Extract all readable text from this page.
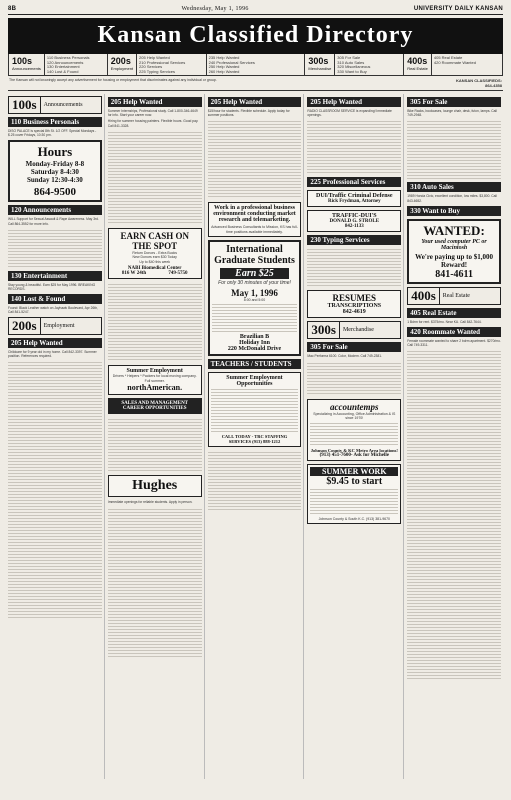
8B	Wednesday, May 1, 1996	UNIVERSITY DAILY KANSAN
Kansan Classified Directory
100s
Announcements
110 Business Personals
120 Announcements
130 Entertainment
140 Lost & Found
200s
Employment
205 Help Wanted
210 Professional Services
220 Services
225 Typing Services
235 Help Wanted
240 Professional Services
250 Help Wanted
260 Help Wanted
300s
Merchandise
305 For Sale
310 Auto Sales
320 Miscellaneous
330 Want to Buy
400s
Real Estate
405 Real Estate
420 Roommate Wanted
The Kansan will not knowingly accept any advertisement for housing or employment that discriminates against any individual or group.	KANSAN CLASSIFIEDS:
864-4358
100s	Announcements
110 Business Personals
DISO PALACE is special 8th St. 1/2 OFF. Special Mondays - $.25 cover Fridays, 10:30 pm.
Hours
Monday-Friday 8-8
Saturday 8-4:30
Sunday 12:30-4:30
864-9500
120 Announcements
WILL Support for Sexual Assault & Rape Awareness. May 3rd. Call 864-3552 for more info.
130 Entertainment
Stay young & beautiful. Earn $25 for May 1996. BREAKING RECORDS.
140 Lost & Found
Found: Black Leather watch on Jayhawk Boulevard, Apr 26th, Call 841-5247.
200s	Employment
205 Help Wanted
Childcare for 9 year old in my home. Call 842-3397. Summer position. References required.
205 Help Wanted
Summer Internships, Professional study. Call 1-800-346-4649 for info. Start your career now.
Hiring for summer housing painters. Flexible hours. Good pay. Call 841-3328.
EARN CASH ON THE SPOT
Return Donors - Extra Bucks
New Donors earn $30 Today
Up to $40 this week
NABI Biomedical Center
816 W 24th	749-5750
Summer Employment
Drivers * Helpers * Packers for local moving company. Full summer.
northAmerican.
SALES AND MANAGEMENT CAREER OPPORTUNITIES
Hughes
Immediate openings for reliable students. Apply in person.
205 Help Wanted
$15/hour for students. Flexible schedule. Apply today for summer positions.
Work in a professional business environment conducting market research and telemarketing.
Advanced Business Consultants to Mission, KS has full-time positions available immediately.
International Graduate Students
Earn $25
For only 30 minutes of your time!
May 1, 1996
8:00 and 5:00
Brazilian B
Holiday Inn
220 McDonald Drive
TEACHERS / STUDENTS
Summer Employment Opportunities
CALL TODAY - TRC STAFFING SERVICES (913) 888-1212
205 Help Wanted
RADIO CLASSROOM SERVICE is expanding! Immediate openings.
225 Professional Services
DUI/Traffic Criminal Defense
Rick Frydman, Attorney
TRAFFIC-DUI'S
DONALD G. STROLE
842-1133
230 Typing Services
RESUMES
TRANSCRIPTIONS
842-4619
300s	Merchandise
305 For Sale
Mac Performa 6100. Color, Modem. Call 749-2381.
accountemps
Specializing in Accounting, Office Administration & IS since 1970!
Johnson County & KC Metro Area locations!
(913) 451-7600- Ask for Michelle
SUMMER WORK
$9.45 to start
Johnson County & South K.C. (913) 381-9670
305 For Sale
Bike Racks, bookcases, lounge chair, desk, futon, lamps. Call 749-2948.
310 Auto Sales
1989 Honda Civic, excellent condition, low miles. $3,800. Call 843-6652.
330 Want to Buy
WANTED:
Your used computer PC or Macintosh
We're paying up to $1,000 Reward!
841-4611
400s	Real Estate
405 Real Estate
1 Bdrm for rent. $375/mo. Near KU. Call 842-7644.
420 Roommate Wanted
Female roommate wanted to share 2 bdrm apartment. $270/mo. Call 749-3311.
